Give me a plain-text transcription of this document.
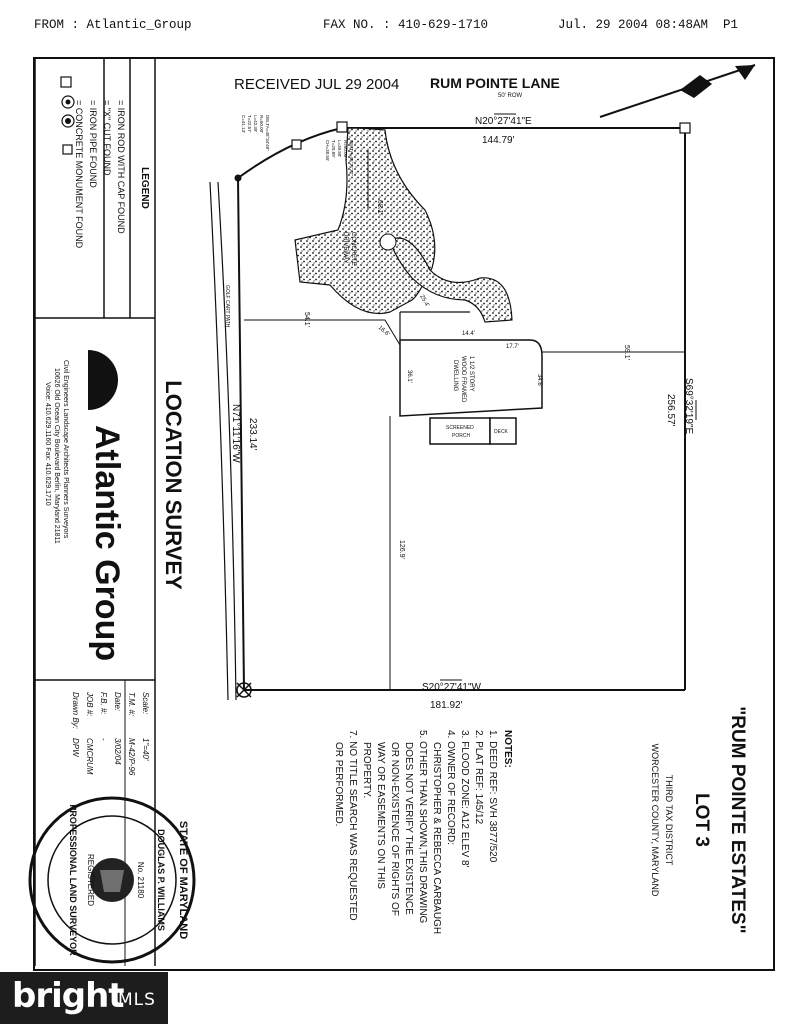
FROM : Atlantic_Group	FAX NO. : 410-629-1710	Jul. 29 2004 08:48AM  P1
LEGEND
= IRON ROD WITH CAP FOUND
= "X" CUT FOUND
= IRON PIPE FOUND
= CONCRETE MONUMENT FOUND
LOCATION SURVEY
Atlantic Group
Civil Engineers Landscape Architects Planners Surveyors
10626 Old Ocean City Boulevard Berlin, Maryland 21811
Voice: 410.629.1160 Fax: 410.629.1710
Scale:
1"=40'
T.M. #:
M-42/P-96
Date:
3/02/04
F.B. #:
-
JOB #:
CMCRUM
Drawn By:
DPW
STATE OF MARYLAND
DOUGLAS P. WILLIAMS
PROFESSIONAL LAND SURVEYOR REGISTERED	No. 21180
RECEIVED JUL 29 2004 RUM POINTE LANE
50' ROW
GOLF CART PATH
N20°27'41"E
144.79'
S69°32'19"E
256.57'
S20°27'41"W
181.92'
N71°11'16"W 233.14'
CONCRETE
DRIVEWAY
1 1/2 STORY
WOOD FRAMED
DWELLING
SCREENED
PORCH
DECK
68.1'
54.1'
59.1'
126.9'
36.1'
14.4'
17.7'
34.6'
25.4'
16.6'
DELTA=48°34'48"
R=50.00'
L=42.39'
T=22.57'
C=41.13'
DELTA=45°21'22"
R=50.00'
L=39.58'
T=20.89'
CH=38.55'
"RUM POINTE ESTATES"
LOT 3
THIRD TAX DISTRICT
WORCESTER COUNTY, MARYLAND
NOTES:
1. DEED REF: SVH 3877/520
2. PLAT REF: 145/12
3. FLOOD ZONE: A12 ELEV 8'
4. OWNER OF RECORD:
CHRISTOPHER & REBECCA CARBAUGH
5. OTHER THAN SHOWN,THIS DRAWING
DOES NOT VERIFY THE EXISTENCE
OR NON-EXISTENCE OF RIGHTS OF
WAY OR EASEMENTS ON THIS
PROPERTY.
7. NO TITLE SEARCH WAS REQUESTED
OR PERFORMED.
bright
MLS
